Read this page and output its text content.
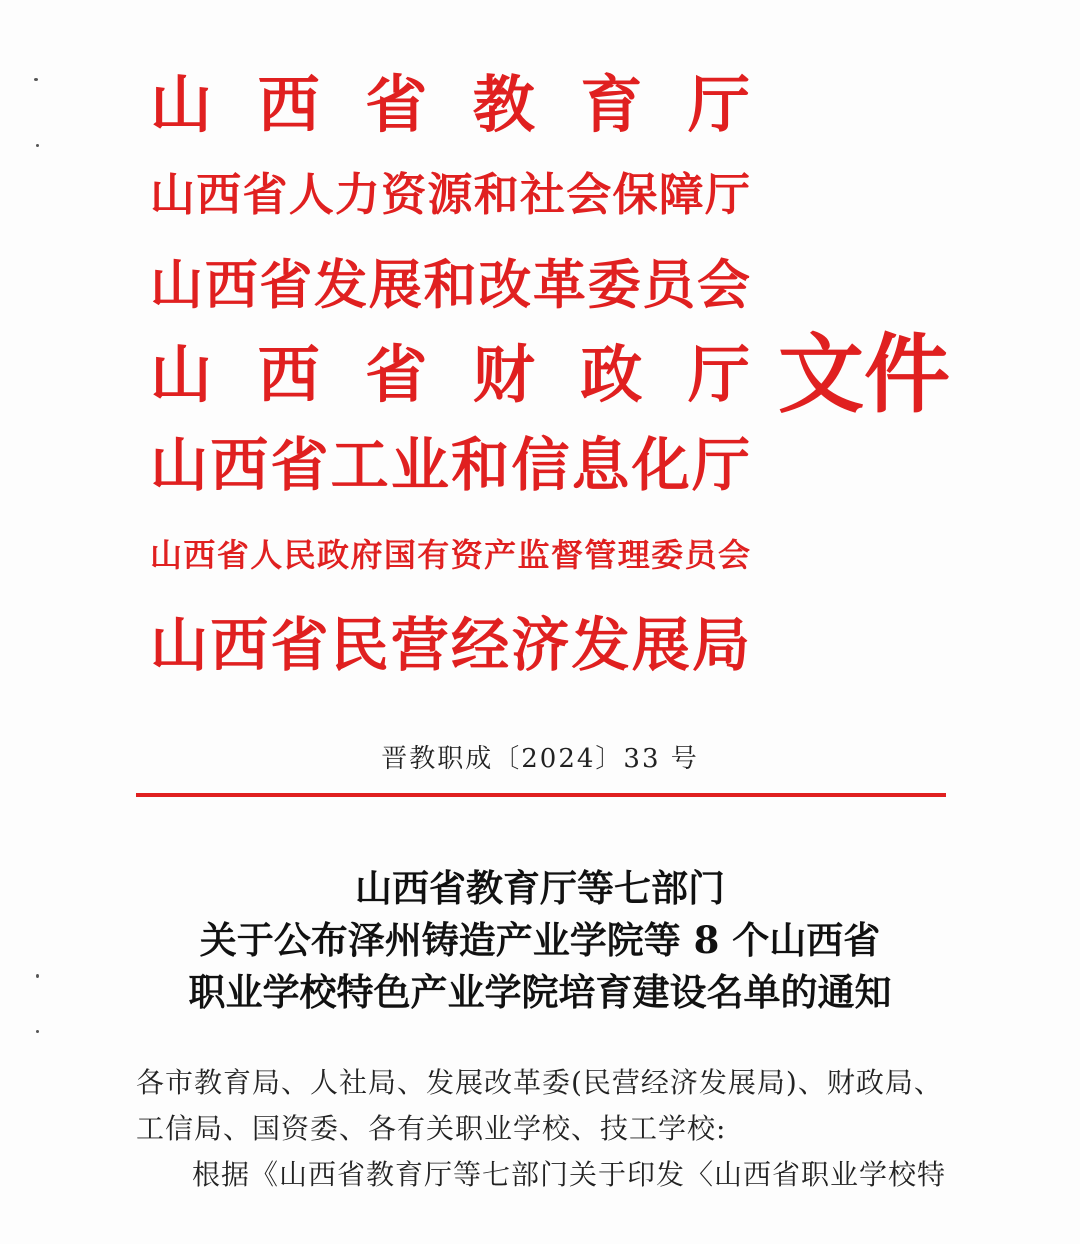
山西省教育厅
山西省人力资源和社会保障厅
山西省发展和改革委员会
山西省财政厅
山西省工业和信息化厅
山西省人民政府国有资产监督管理委员会
山西省民营经济发展局
文件
晋教职成〔2024〕33 号
山西省教育厅等七部门
关于公布泽州铸造产业学院等 8 个山西省
职业学校特色产业学院培育建设名单的通知
各市教育局、人社局、发展改革委(民营经济发展局)、财政局、
工信局、国资委、各有关职业学校、技工学校:
根据《山西省教育厅等七部门关于印发〈山西省职业学校特
